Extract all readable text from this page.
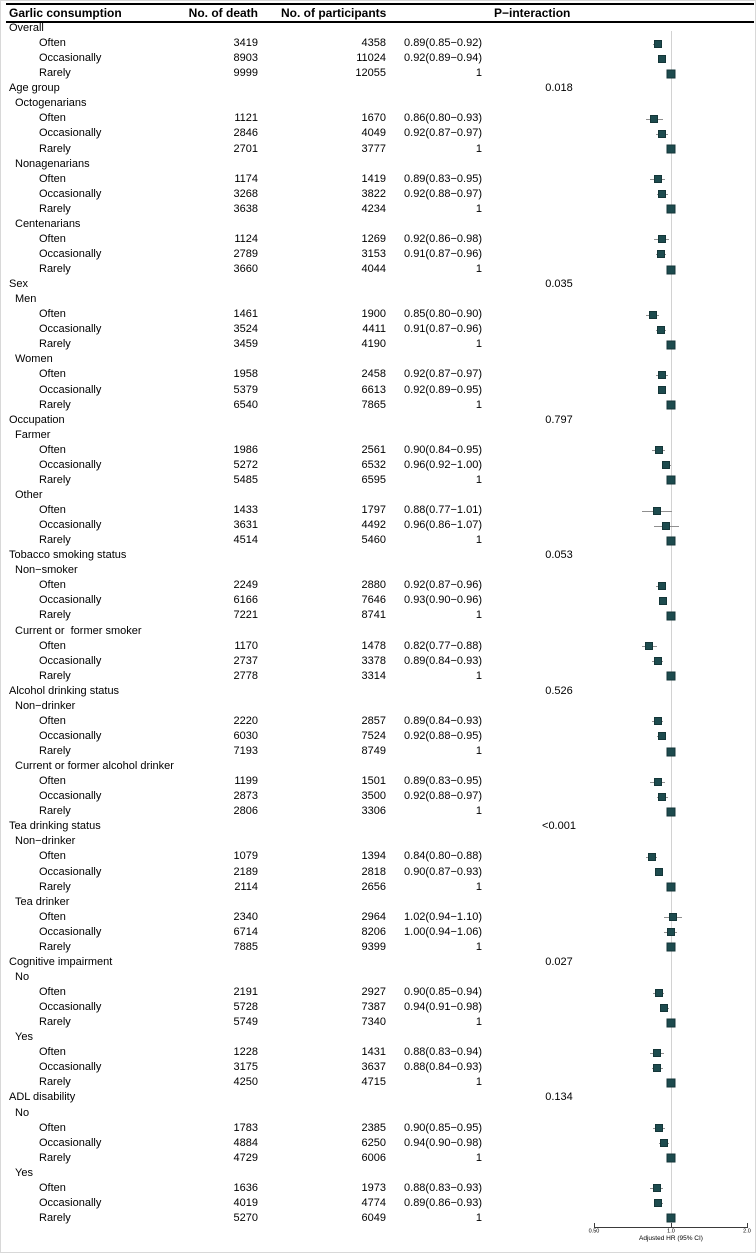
Garlic consumption	No. of death No. of participants	P−interaction
Overall
Often	3419	4358	0.89(0.85−0.92)
Occasionally	8903	11024	0.92(0.89−0.94)
Rarely	9999	12055	1
Age group	0.018
Octogenarians
Often	1121	1670	0.86(0.80−0.93)
Occasionally	2846	4049	0.92(0.87−0.97)
Rarely	2701	3777	1
Nonagenarians
Often	1174	1419	0.89(0.83−0.95)
Occasionally	3268	3822	0.92(0.88−0.97)
Rarely	3638	4234	1
Centenarians
Often	1124	1269	0.92(0.86−0.98)
Occasionally	2789	3153	0.91(0.87−0.96)
Rarely	3660	4044	1
Sex	0.035
Men
Often	1461	1900	0.85(0.80−0.90)
Occasionally	3524	4411	0.91(0.87−0.96)
Rarely	3459	4190	1
Women
Often	1958	2458	0.92(0.87−0.97)
Occasionally	5379	6613	0.92(0.89−0.95)
Rarely	6540	7865	1
Occupation	0.797
Farmer
Often	1986	2561	0.90(0.84−0.95)
Occasionally	5272	6532	0.96(0.92−1.00)
Rarely	5485	6595	1
Other
Often	1433	1797	0.88(0.77−1.01)
Occasionally	3631	4492	0.96(0.86−1.07)
Rarely	4514	5460	1
Tobacco smoking status	0.053
Non−smoker
Often	2249	2880	0.92(0.87−0.96)
Occasionally	6166	7646	0.93(0.90−0.96)
Rarely	7221	8741	1
Current or  former smoker
Often	1170	1478	0.82(0.77−0.88)
Occasionally	2737	3378	0.89(0.84−0.93)
Rarely	2778	3314	1
Alcohol drinking status	0.526
Non−drinker
Often	2220	2857	0.89(0.84−0.93)
Occasionally	6030	7524	0.92(0.88−0.95)
Rarely	7193	8749	1
Current or former alcohol drinker
Often	1199	1501	0.89(0.83−0.95)
Occasionally	2873	3500	0.92(0.88−0.97)
Rarely	2806	3306	1
Tea drinking status	<0.001
Non−drinker
Often	1079	1394	0.84(0.80−0.88)
Occasionally	2189	2818	0.90(0.87−0.93)
Rarely	2114	2656	1
Tea drinker
Often	2340	2964	1.02(0.94−1.10)
Occasionally	6714	8206	1.00(0.94−1.06)
Rarely	7885	9399	1
Cognitive impairment	0.027
No
Often	2191	2927	0.90(0.85−0.94)
Occasionally	5728	7387	0.94(0.91−0.98)
Rarely	5749	7340	1
Yes
Often	1228	1431	0.88(0.83−0.94)
Occasionally	3175	3637	0.88(0.84−0.93)
Rarely	4250	4715	1
ADL disability	0.134
No
Often	1783	2385	0.90(0.85−0.95)
Occasionally	4884	6250	0.94(0.90−0.98)
Rarely	4729	6006	1
Yes
Often	1636	1973	0.88(0.83−0.93)
Occasionally	4019	4774	0.89(0.86−0.93)
Rarely	5270	6049	1
0.50	1.0	2.0
Adjusted HR (95% CI)
